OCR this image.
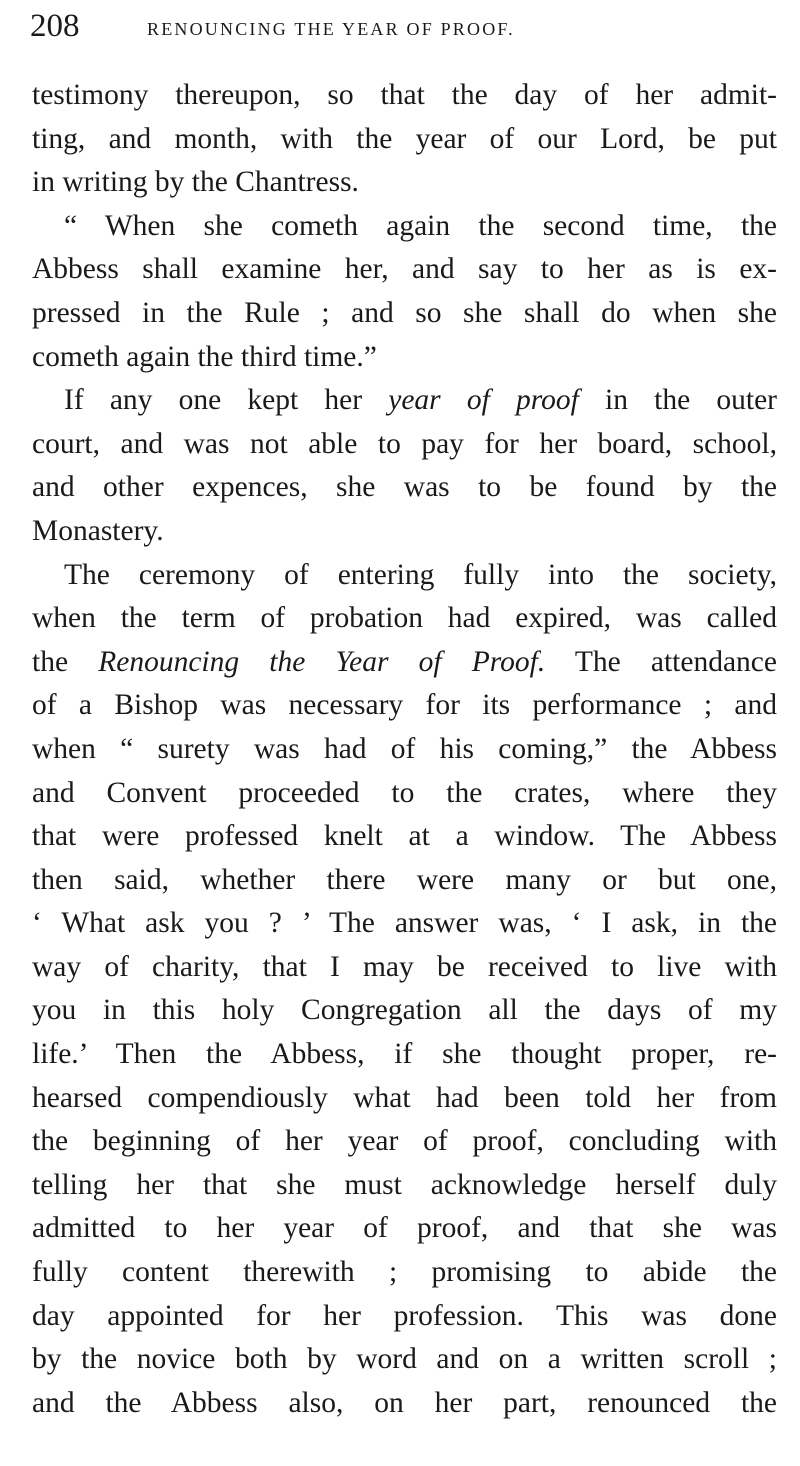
208	RENOUNCING THE YEAR OF PROOF.
testimony thereupon, so that the day of her admit-
ting, and month, with the year of our Lord, be put
in writing by the Chantress.
“ When she cometh again the second time, the
Abbess shall examine her, and say to her as is ex-
pressed in the Rule ; and so she shall do when she
cometh again the third time.”
If any one kept her year of proof in the outer
court, and was not able to pay for her board, school,
and other expences, she was to be found by the
Monastery.
The ceremony of entering fully into the society,
when the term of probation had expired, was called
the Renouncing the Year of Proof. The attendance
of a Bishop was necessary for its performance ; and
when “ surety was had of his coming,” the Abbess
and Convent proceeded to the crates, where they
that were professed knelt at a window. The Abbess
then said, whether there were many or but one,
‘ What ask you ? ’ The answer was, ‘ I ask, in the
way of charity, that I may be received to live with
you in this holy Congregation all the days of my
life.’ Then the Abbess, if she thought proper, re-
hearsed compendiously what had been told her from
the beginning of her year of proof, concluding with
telling her that she must acknowledge herself duly
admitted to her year of proof, and that she was
fully content therewith ; promising to abide the
day appointed for her profession. This was done
by the novice both by word and on a written scroll ;
and the Abbess also, on her part, renounced the
